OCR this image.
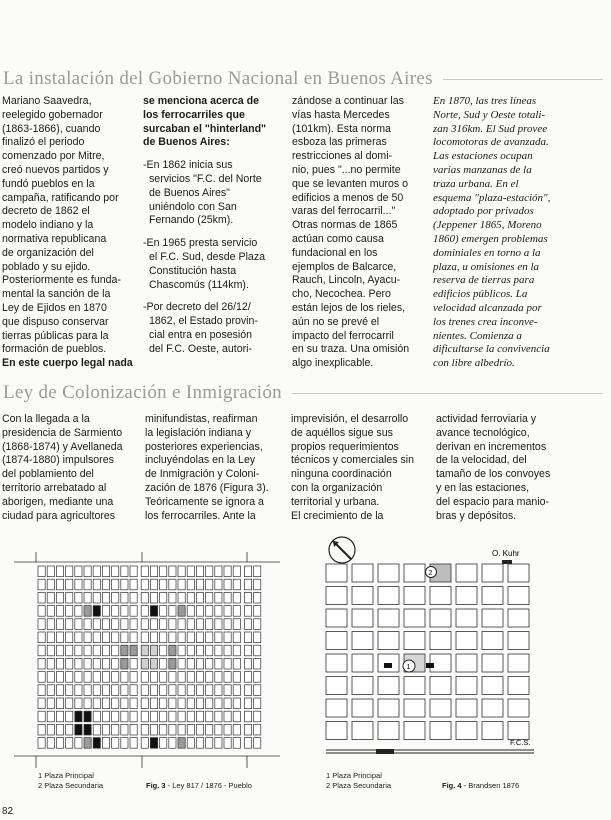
La instalación del Gobierno Nacional en Buenos Aires

Mariano Saavedra,

reelegido gobernador

(1863-1866), cuando

finalizó el periodo

comenzado por Mitre,

creó nuevos partidos y

fundó pueblos en la

campaña, ratificando por

decreto de 1862 el

modelo indiano y la

normativa republicana

de organización del

poblado y su ejido.

Posteriormente es funda-

mental la sanción de la

Ley de Ejidos en 1870

que dispuso conservar

tierras públicas para la

formación de pueblos.

En este cuerpo legal nada

se menciona acerca de

los ferrocarriles que

surcaban el "hinterland"

de Buenos Aires:

-En 1862 inicia sus

servicios "F.C. del Norte

de Buenos Aires"

uniéndolo con San

Fernando (25km).

-En 1965 presta servicio

el F.C. Sud, desde Plaza

Constitución hasta

Chascomús (114km).

-Por decreto del 26/12/

1862, el Estado provin-

cial entra en posesión

del F.C. Oeste, autori-

zándose a continuar las

vías hasta Mercedes

(101km). Esta norma

esboza las primeras

restricciones al domi-

nio, pues "...no permite

que se levanten muros o

edificios a menos de 50

varas del ferrocarril..."

Otras normas de 1865

actúan como causa

fundacional en los

ejemplos de Balcarce,

Rauch, Lincoln, Ayacu-

cho, Necochea. Pero

están lejos de los rieles,

aún no se prevé el

impacto del ferrocarril

en su traza. Una omisión

algo inexplicable.

En 1870, las tres líneas

Norte, Sud y Oeste totali-

zan 316km. El Sud provee

locomotoras de avanzada.

Las estaciones ocupan

varias manzanas de la

traza urbana. En el

esquema "plaza-estación",

adoptado por privados

(Jeppener 1865, Moreno

1860) emergen problemas

dominiales en torno a la

plaza, u omisiones en la

reserva de tierras para

edificios públicos. La

velocidad alcanzada por

los trenes crea inconve-

nientes. Comienza a

dificultarse la convivencia

con libre albedrío.

Ley de Colonización e Inmigración

Con la llegada a la

presidencia de Sarmiento

(1868-1874) y Avellaneda

(1874-1880) impulsores

del poblamiento del

territorio arrebatado al

aborigen, mediante una

ciudad para agricultores

minifundistas, reafirman

la legislación indiana y

posteriores experiencias,

incluyéndolas en la Ley

de Inmigración y Coloni-

zación de 1876 (Figura 3).

Teóricamente se ignora a

los ferrocarriles. Ante la

imprevisión, el desarrollo

de aquéllos sigue sus

propios requerimientos

técnicos y comerciales sin

ninguna coordinación

con la organización

territorial y urbana.

El crecimiento de la

actividad ferroviaria y

avance tecnológico,

derivan en incrementos

de la velocidad, del

tamaño de los convoyes

y en las estaciones,

del espacio para manio-

bras y depósitos.

1 Plaza Principal
2 Plaza Secundaria	Fig. 3 - Ley 817 / 1876 - Pueblo
O. Kuhr
F.C.S.
1
2
1 Plaza Principal
2 Plaza Secundaria	Fig. 4 - Brandsen 1876
82
